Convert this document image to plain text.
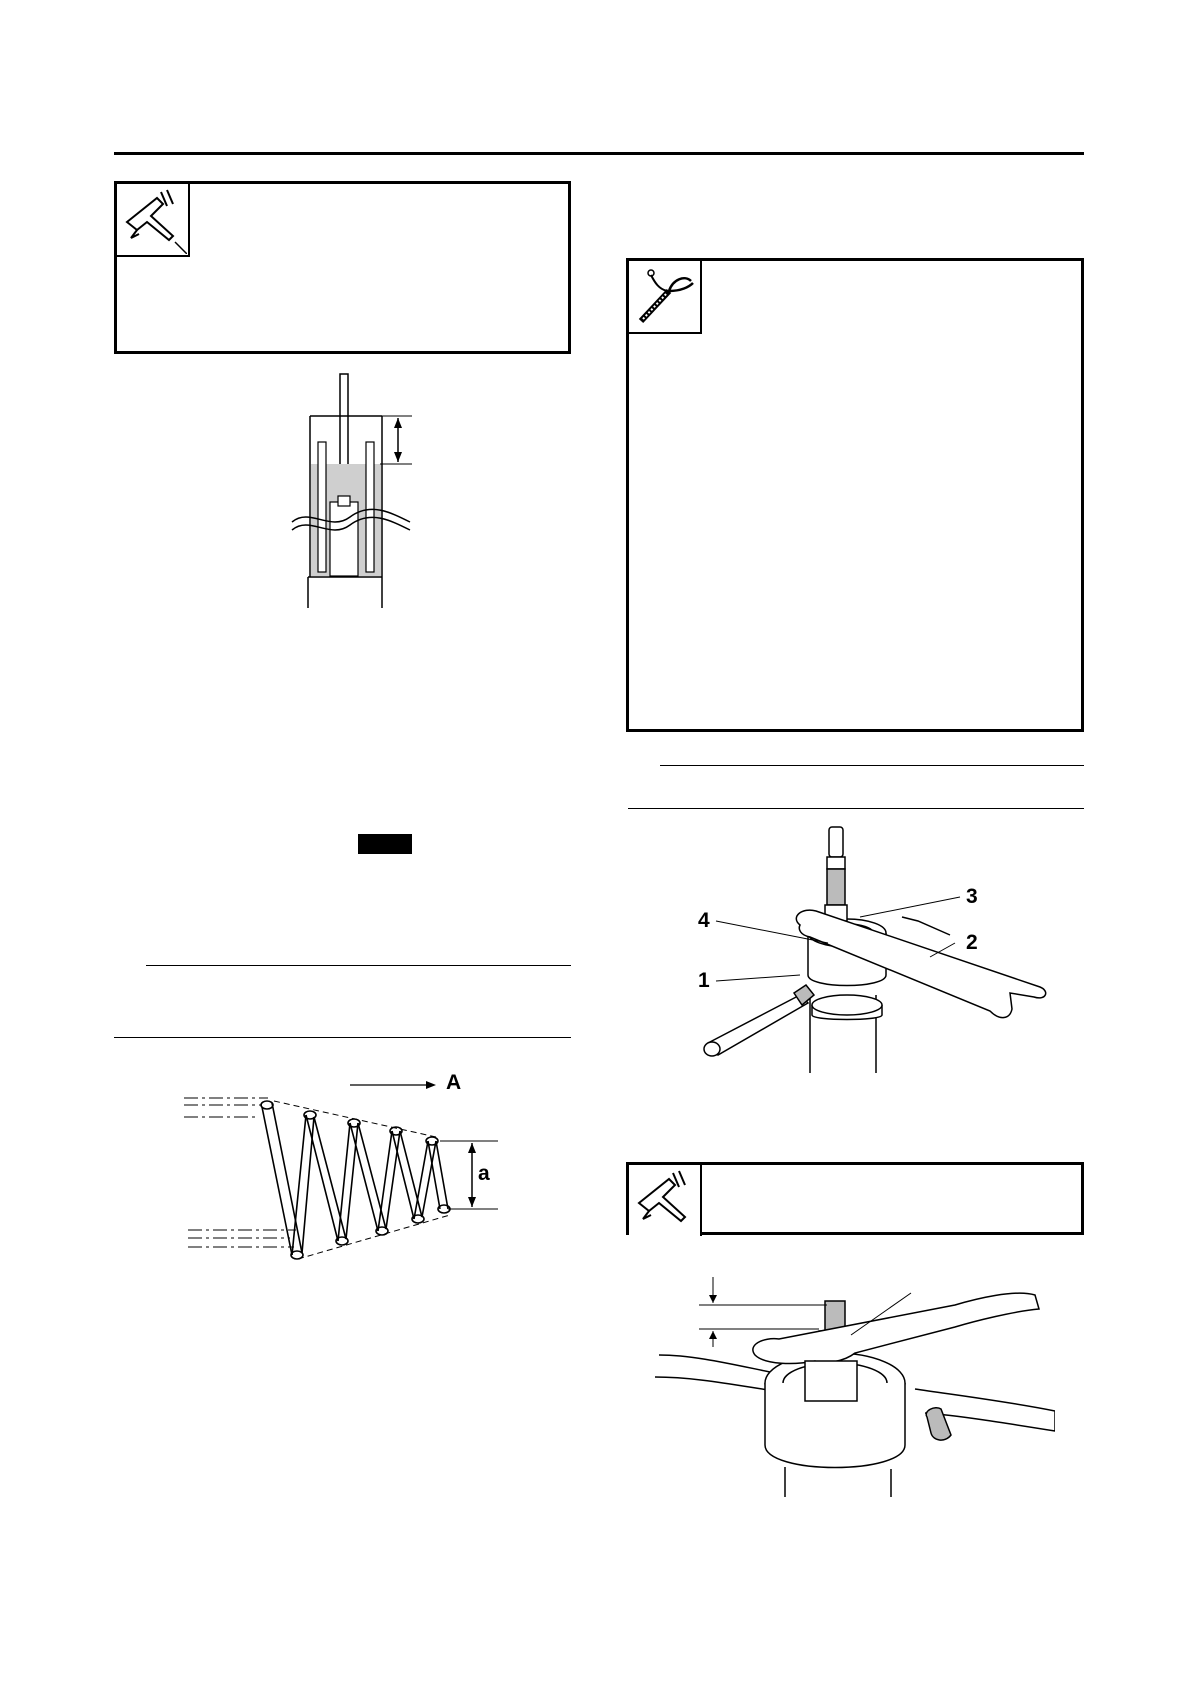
A
a
3
2
4
1
